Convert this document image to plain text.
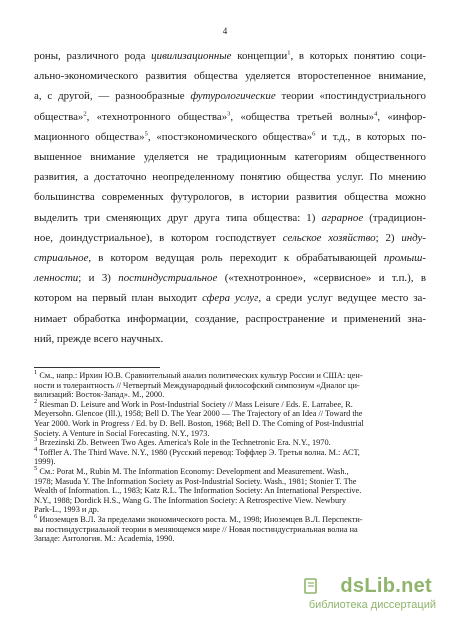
4
роны, различного рода цивилизационные концепции$^1$, в которых понятию соци-
ально-экономического развития общества уделяется второстепенное внимание,
а, с другой, — разнообразные футурологические теории «постиндустриального
общества»$^2$, «технотронного общества»$^3$, «общества третьей волны»$^4$, «инфор-
мационного общества»$^5$, «постэкономического общества»$^6$ и т.д., в которых по-
вышенное внимание уделяется не традиционным категориям общественного
развития, а достаточно неопределенному понятию общества услуг. По мнению
большинства современных футурологов, в истории развития общества можно
выделить три сменяющих друг друга типа общества: 1) аграрное (традицион-
ное, доиндустриальное), в котором господствует сельское хозяйство; 2) инду-
стриальное, в котором ведущая роль переходит к обрабатывающей промыш-
ленности; и 3) постиндустриальное («технотронное», «сервисное» и т.п.), в
котором на первый план выходит сфера услуг, а среди услуг ведущее место за-
нимает обработка информации, создание, распространение и применений зна-
ний, прежде всего научных.
$^1$ См., напр.: Ирхин Ю.В. Сравнительный анализ политических культур России и США: цен-
ности и толерантность // Четвертый Международный философский симпозиум «Диалог ци-
вилизаций: Восток-Запад». М., 2000.
$^2$ Riesman D. Leisure and Work in Post-Industrial Society // Mass Leisure / Eds. E. Larrabee, R.
Meyersohn. Glencoe (Ill.), 1958; Bell D. The Year 2000 — The Trajectory of an Idea // Toward the
Year 2000. Work in Progress / Ed. by D. Bell. Boston, 1968; Bell D. The Coming of Post-Industrial
Society. A Venture in Social Forecasting. N.Y., 1973.
$^3$ Brzezinski Zb. Between Two Ages. America's Role in the Technetronic Era. N.Y., 1970.
$^4$ Toffler A. The Third Wave. N.Y., 1980 (Русский перевод: Тоффлер Э. Третья волна. М.: АСТ,
1999).
$^5$ См.: Porat M., Rubin M. The Information Economy: Development and Measurement. Wash.,
1978; Masuda Y. The Information Society as Post-Industrial Society. Wash., 1981; Stonier T. The
Wealth of Information. L., 1983; Katz R.L. The Information Society: An International Perspective.
N.Y., 1988; Dordick H.S., Wang G. The Information Society: A Retrospective View. Newbury
Park-L., 1993 и др.
$^6$ Иноземцев В.Л. За пределами экономического роста. М., 1998; Иноземцев В.Л. Перспекти-
вы постиндустриальной теории в меняющемся мире // Новая постиндустриальная волна на
Западе: Антология. М.: Academia, 1990.
dsLib.net
библиотека диссертаций
